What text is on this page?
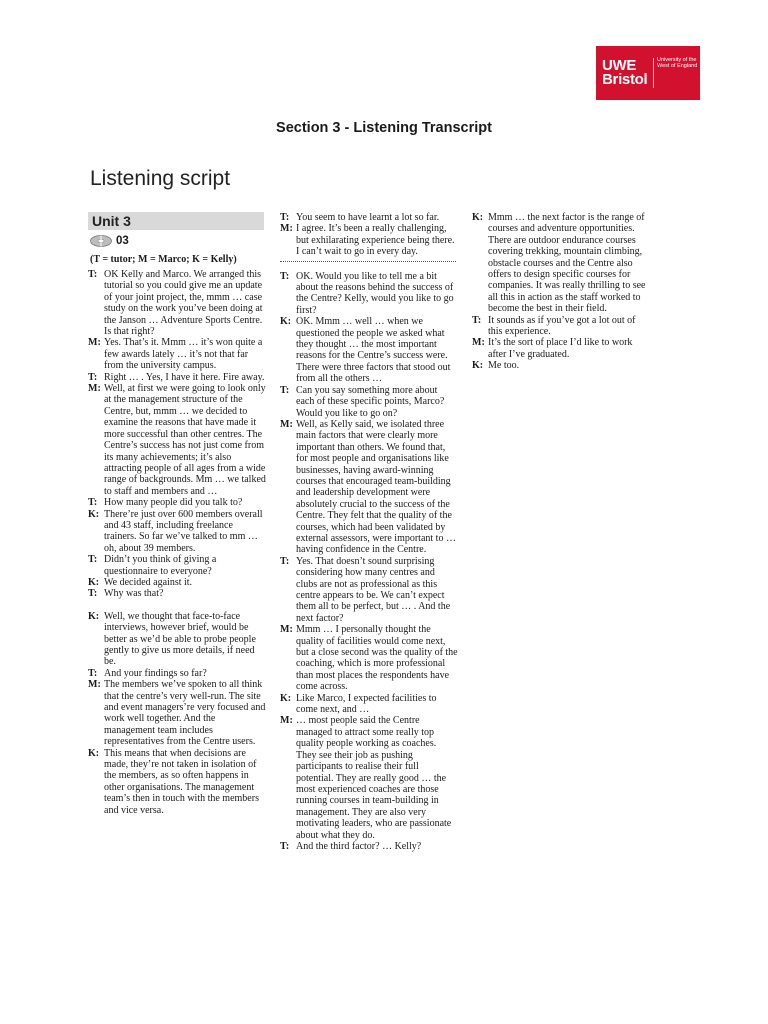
UWE
Bristol
University of the West of England
Section 3 - Listening Transcript
Listening script
Unit 3
03
(T = tutor; M = Marco; K = Kelly)
T: OK Kelly and Marco. We arranged this tutorial so you could give me an update of your joint project, the, mmm … case study on the work you’ve been doing at the Janson … Adventure Sports Centre. Is that right?
M: Yes. That’s it. Mmm … it’s won quite a few awards lately … it’s not that far from the university campus.
T: Right … . Yes, I have it here. Fire away.
M: Well, at first we were going to look only at the management structure of the Centre, but, mmm … we decided to examine the reasons that have made it more successful than other centres. The Centre’s success has not just come from its many achievements; it’s also attracting people of all ages from a wide range of backgrounds. Mm … we talked to staff and members and …
T: How many people did you talk to?
K: There’re just over 600 members overall and 43 staff, including freelance trainers. So far we’ve talked to mm … oh, about 39 members.
T: Didn’t you think of giving a questionnaire to everyone?
K: We decided against it.
T: Why was that?
K: Well, we thought that face-to-face interviews, however brief, would be better as we’d be able to probe people gently to give us more details, if need be.
T: And your findings so far?
M: The members we’ve spoken to all think that the centre’s very well-run. The site and event managers’re very focused and work well together. And the management team includes representatives from the Centre users.
K: This means that when decisions are made, they’re not taken in isolation of the members, as so often happens in other organisations. The management team’s then in touch with the members and vice versa.
T: You seem to have learnt a lot so far.
M: I agree. It’s been a really challenging, but exhilarating experience being there. I can’t wait to go in every day.
T: OK. Would you like to tell me a bit about the reasons behind the success of the Centre? Kelly, would you like to go first?
K: OK. Mmm … well … when we questioned the people we asked what they thought … the most important reasons for the Centre’s success were. There were three factors that stood out from all the others …
T: Can you say something more about each of these specific points, Marco? Would you like to go on?
M: Well, as Kelly said, we isolated three main factors that were clearly more important than others. We found that, for most people and organisations like businesses, having award-winning courses that encouraged team-building and leadership development were absolutely crucial to the success of the Centre. They felt that the quality of the courses, which had been validated by external assessors, were important to … having confidence in the Centre.
T: Yes. That doesn’t sound surprising considering how many centres and clubs are not as professional as this centre appears to be. We can’t expect them all to be perfect, but … . And the next factor?
M: Mmm … I personally thought the quality of facilities would come next, but a close second was the quality of the coaching, which is more professional than most places the respondents have come across.
K: Like Marco, I expected facilities to come next, and …
M: … most people said the Centre managed to attract some really top quality people working as coaches. They see their job as pushing participants to realise their full potential. They are really good … the most experienced coaches are those running courses in team-building in management. They are also very motivating leaders, who are passionate about what they do.
T: And the third factor? … Kelly?
K: Mmm … the next factor is the range of courses and adventure opportunities. There are outdoor endurance courses covering trekking, mountain climbing, obstacle courses and the Centre also offers to design specific courses for companies. It was really thrilling to see all this in action as the staff worked to become the best in their field.
T: It sounds as if you’ve got a lot out of this experience.
M: It’s the sort of place I’d like to work after I’ve graduated.
K: Me too.
